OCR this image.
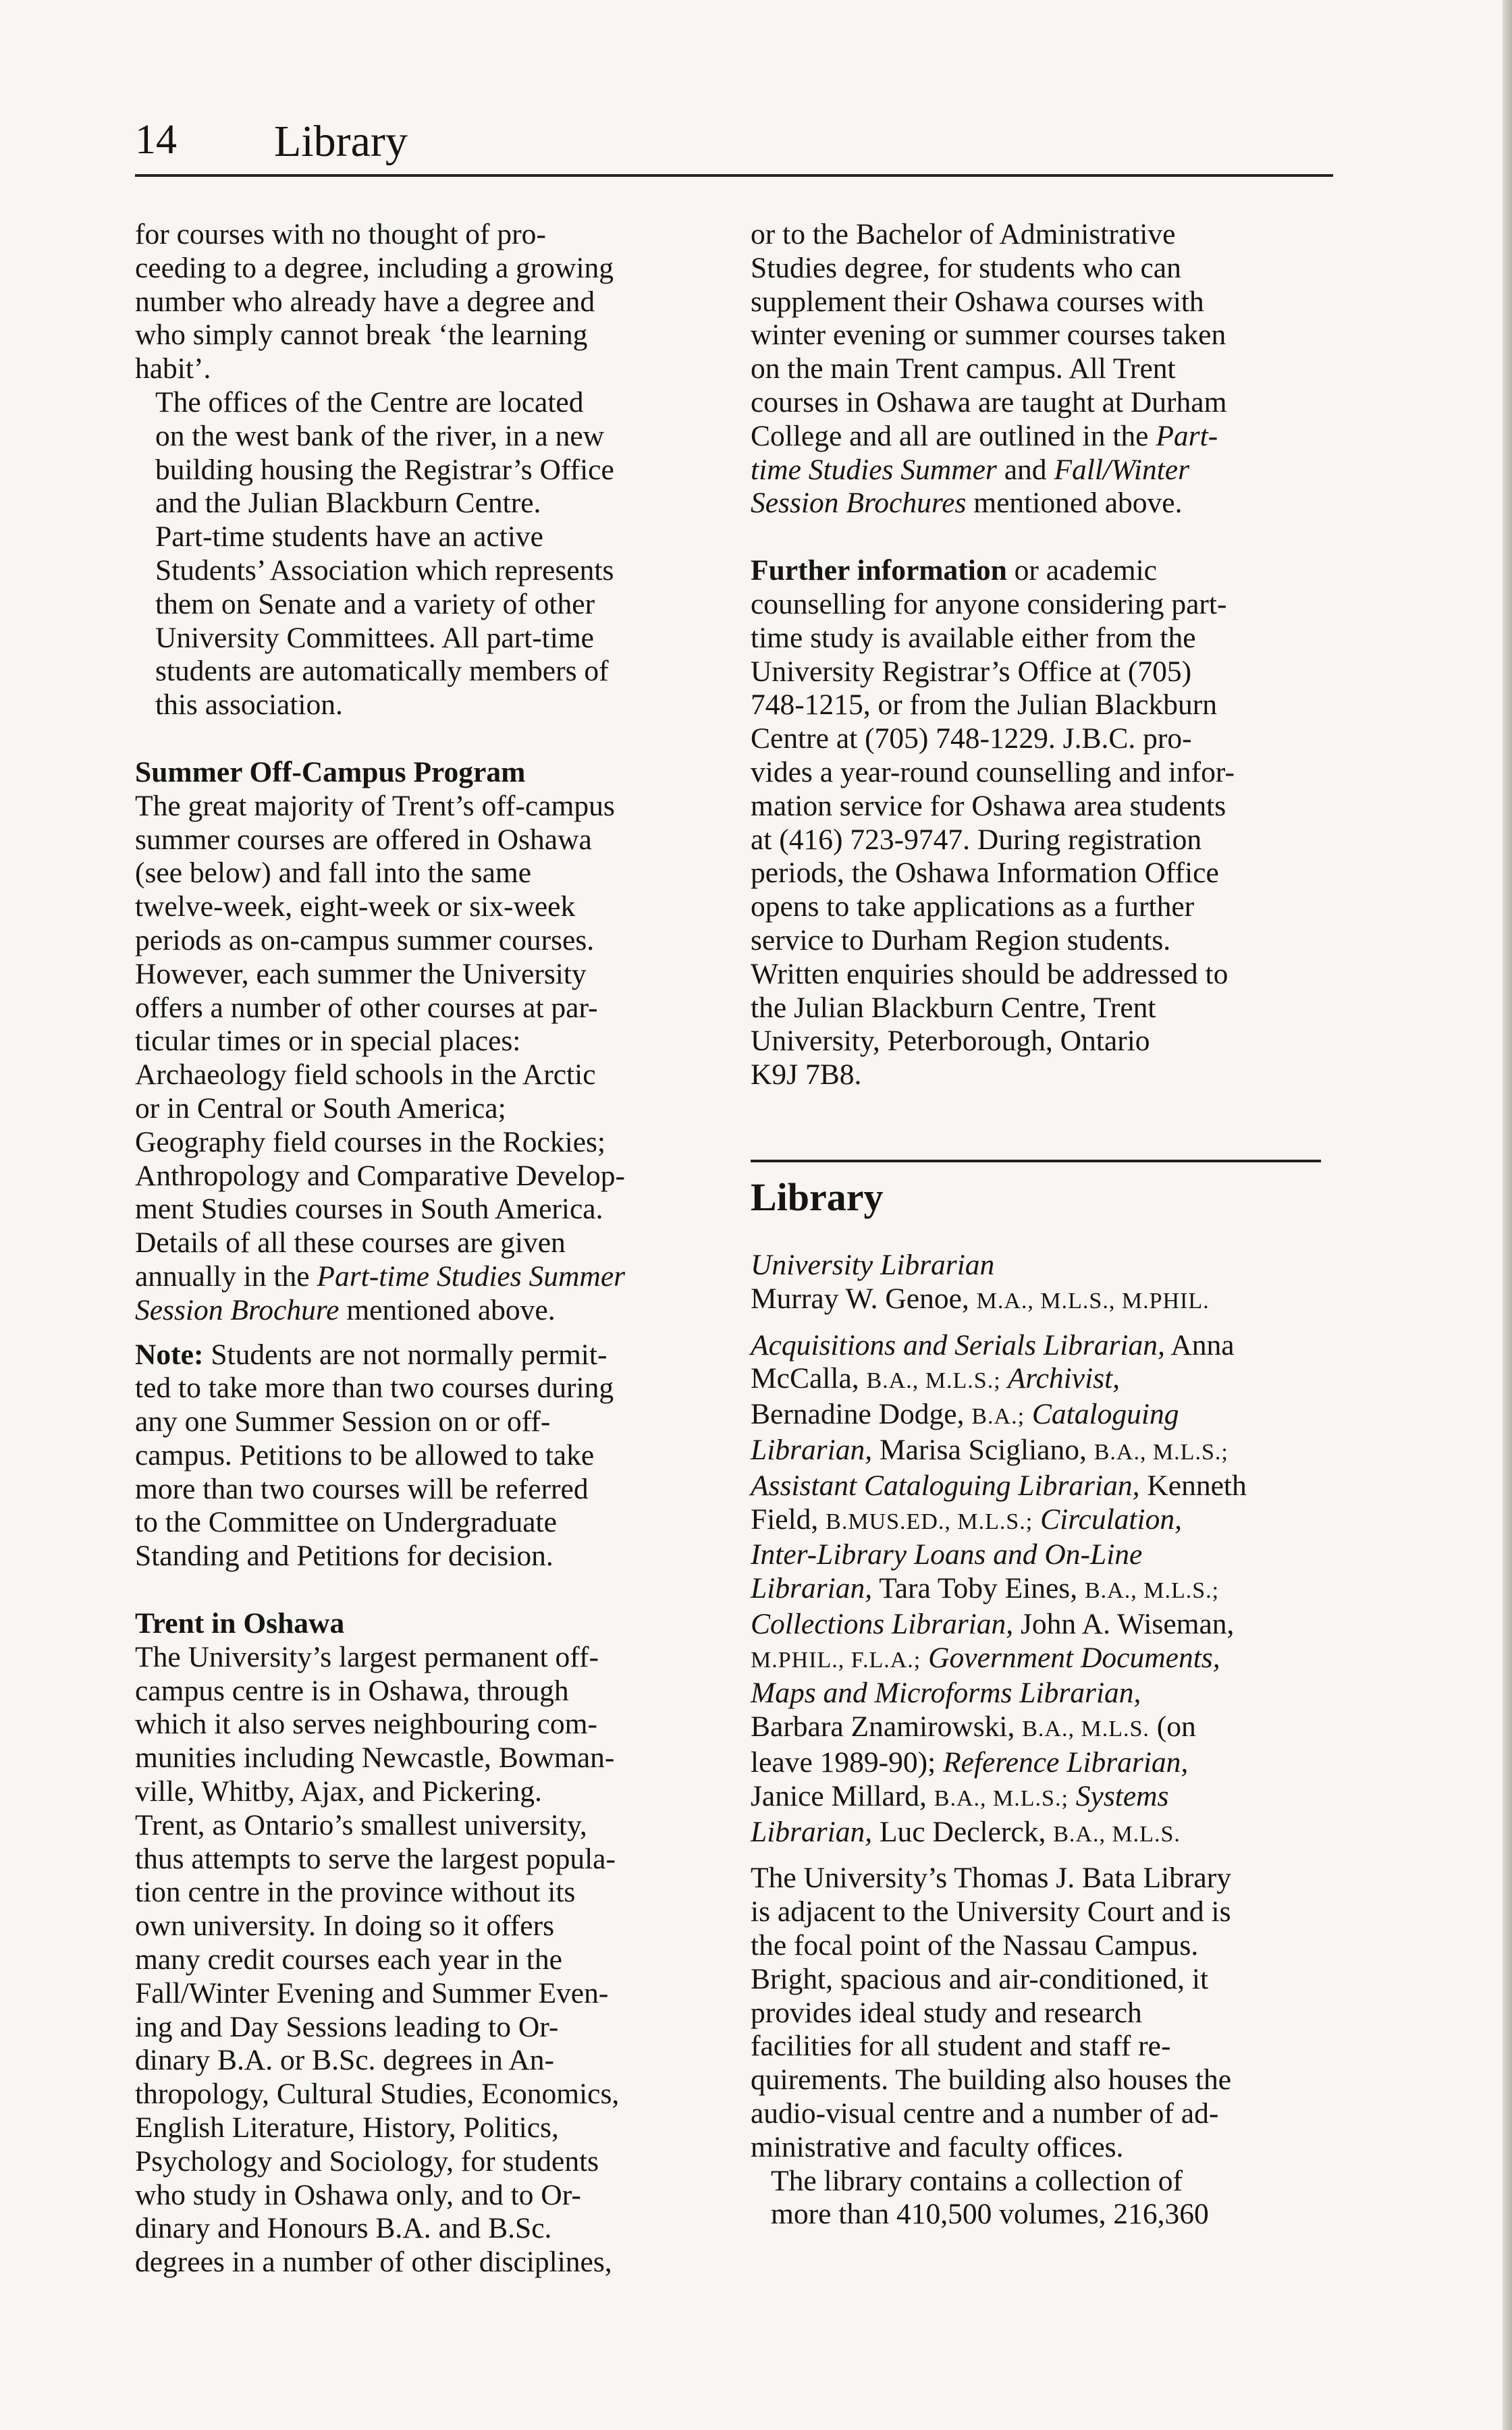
14 Library

for courses with no thought of pro-
ceeding to a degree, including a growing
number who already have a degree and
who simply cannot break ‘the learning
habit’.

The offices of the Centre are located
on the west bank of the river, in a new
building housing the Registrar’s Office
and the Julian Blackburn Centre.

Part-time students have an active
Students’ Association which represents
them on Senate and a variety of other
University Committees. All part-time
students are automatically members of
this association.

Summer Off-Campus Program

The great majority of Trent’s off-campus
summer courses are offered in Oshawa
(see below) and fall into the same
twelve-week, eight-week or six-week
periods as on-campus summer courses.
However, each summer the University
offers a number of other courses at par-
ticular times or in special places:
Archaeology field schools in the Arctic
or in Central or South America;
Geography field courses in the Rockies;
Anthropology and Comparative Develop-
ment Studies courses in South America.
Details of all these courses are given
annually in the Part-time Studies Summer
Session Brochure mentioned above.

Note: Students are not normally permit-
ted to take more than two courses during
any one Summer Session on or off-
campus. Petitions to be allowed to take
more than two courses will be referred
to the Committee on Undergraduate
Standing and Petitions for decision.

Trent in Oshawa

The University’s largest permanent off-
campus centre is in Oshawa, through
which it also serves neighbouring com-
munities including Newcastle, Bowman-
ville, Whitby, Ajax, and Pickering.
Trent, as Ontario’s smallest university,
thus attempts to serve the largest popula-
tion centre in the province without its
own university. In doing so it offers
many credit courses each year in the
Fall/Winter Evening and Summer Even-
ing and Day Sessions leading to Or-
dinary B.A. or B.Sc. degrees in An-
thropology, Cultural Studies, Economics,
English Literature, History, Politics,
Psychology and Sociology, for students
who study in Oshawa only, and to Or-
dinary and Honours B.A. and B.Sc.
degrees in a number of other disciplines,

or to the Bachelor of Administrative
Studies degree, for students who can
supplement their Oshawa courses with
winter evening or summer courses taken
on the main Trent campus. All Trent
courses in Oshawa are taught at Durham
College and all are outlined in the Part-
time Studies Summer and Fall/Winter
Session Brochures mentioned above.

Further information or academic
counselling for anyone considering part-
time study is available either from the
University Registrar’s Office at (705)
748-1215, or from the Julian Blackburn
Centre at (705) 748-1229. J.B.C. pro-
vides a year-round counselling and infor-
mation service for Oshawa area students
at (416) 723-9747. During registration
periods, the Oshawa Information Office
opens to take applications as a further
service to Durham Region students.
Written enquiries should be addressed to
the Julian Blackburn Centre, Trent
University, Peterborough, Ontario
K9J 7B8.

Library

University Librarian
Murray W. Genoe, M.A., M.L.S., M.PHIL.

Acquisitions and Serials Librarian, Anna
McCalla, B.A., M.L.S.; Archivist,
Bernadine Dodge, B.A.; Cataloguing
Librarian, Marisa Scigliano, B.A., M.L.S.;
Assistant Cataloguing Librarian, Kenneth
Field, B.MUS.ED., M.L.S.; Circulation,
Inter-Library Loans and On-Line
Librarian, Tara Toby Eines, B.A., M.L.S.;
Collections Librarian, John A. Wiseman,
M.PHIL., F.L.A.; Government Documents,
Maps and Microforms Librarian,
Barbara Znamirowski, B.A., M.L.S. (on
leave 1989-90); Reference Librarian,
Janice Millard, B.A., M.L.S.; Systems
Librarian, Luc Declerck, B.A., M.L.S.

The University’s Thomas J. Bata Library
is adjacent to the University Court and is
the focal point of the Nassau Campus.
Bright, spacious and air-conditioned, it
provides ideal study and research
facilities for all student and staff re-
quirements. The building also houses the
audio-visual centre and a number of ad-
ministrative and faculty offices.

The library contains a collection of
more than 410,500 volumes, 216,360
